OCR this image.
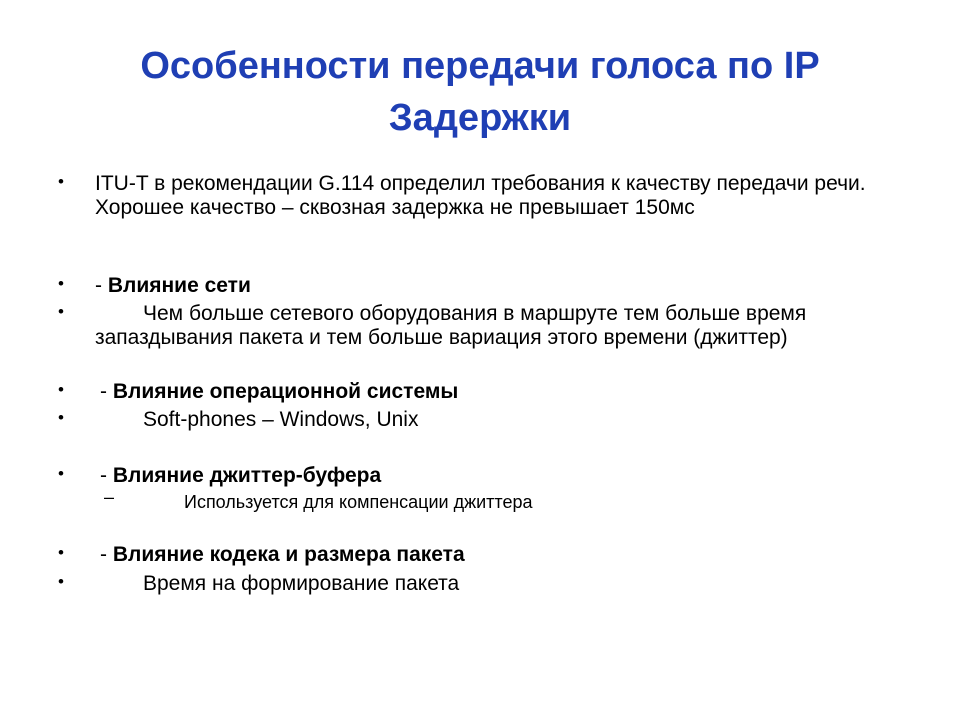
Особенности передачи голоса по IP
Задержки
• ITU-T в рекомендации G.114 определил требования к качеству передачи речи. Хорошее качество – сквозная задержка не превышает 150мс
• - Влияние сети
•	Чем больше сетевого оборудования в маршруте тем больше время запаздывания пакета и тем больше вариация этого времени (джиттер)
• - Влияние операционной системы
•	Soft-phones – Windows, Unix
• - Влияние джиттер-буфера
–	Используется для компенсации джиттера
• - Влияние кодека и размера пакета
•	Время на формирование пакета
